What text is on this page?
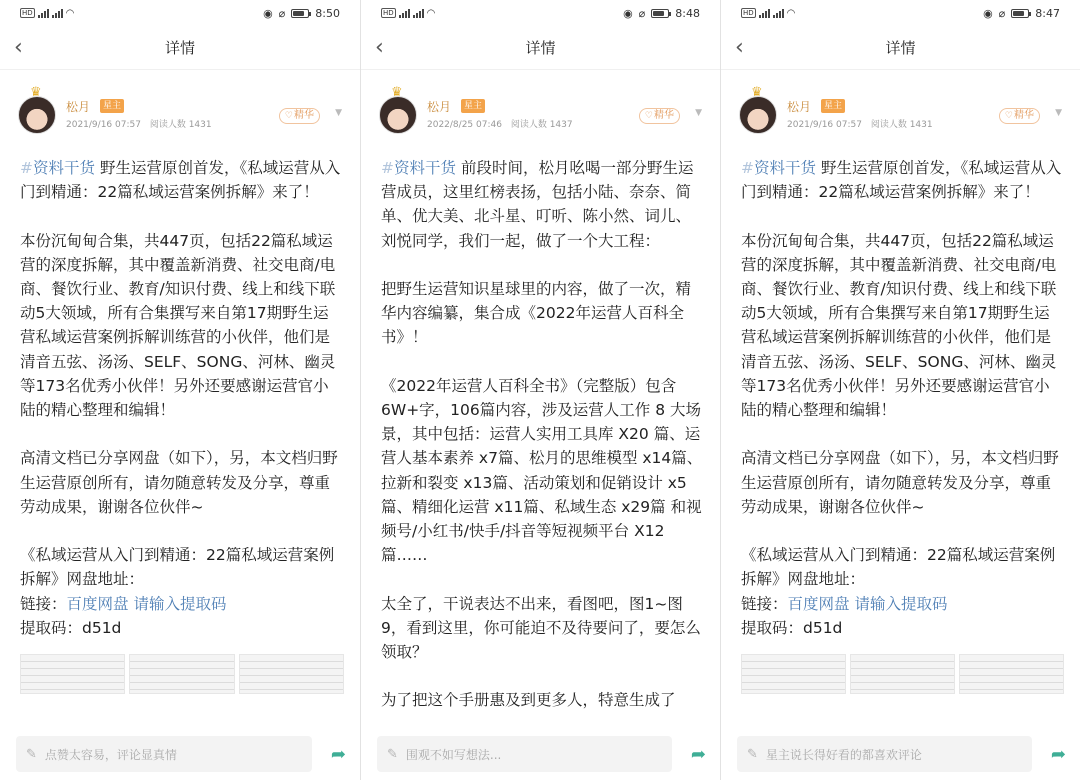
HD	◠	◉ ⌀	8:50
‹	详情
♛
松月	星主
2021/9/16 07:57 阅读人数 1431
♡精华	▼

#资料干货 野生运营原创首发，《私域运营从入门到精通：22篇私域运营案例拆解》来了！

本份沉甸甸合集，共447页，包括22篇私域运营的深度拆解，其中覆盖新消费、社交电商/电商、餐饮行业、教育/知识付费、线上和线下联动5大领域，所有合集撰写来自第17期野生运营私域运营案例拆解训练营的小伙伴，他们是清音五弦、汤汤、SELF、SONG、河林、幽灵等173名优秀小伙伴！另外还要感谢运营官小陆的精心整理和编辑！

高清文档已分享网盘（如下），另，本文档归野生运营原创所有，请勿随意转发及分享，尊重劳动成果，谢谢各位伙伴~

《私域运营从入门到精通：22篇私域运营案例拆解》网盘地址：

链接：百度网盘 请输入提取码
提取码：d51d
✎ 点赞太容易，评论显真情	➦
HD	◠	◉ ⌀	8:48
‹	详情
♛
松月	星主
2022/8/25 07:46 阅读人数 1437
♡精华	▼

#资料干货 前段时间，松月吆喝一部分野生运营成员，这里红榜表扬，包括小陆、奈奈、简单、优大美、北斗星、叮听、陈小然、词儿、刘悦同学，我们一起，做了一个大工程：

把野生运营知识星球里的内容，做了一次，精华内容编纂，集合成《2022年运营人百科全书》！

《2022年运营人百科全书》（完整版）包含 6W+字，106篇内容，涉及运营人工作 8 大场景，其中包括：运营人实用工具库 X20 篇、运营人基本素养 x7篇、松月的思维模型 x14篇、拉新和裂变 x13篇、活动策划和促销设计 x5篇、精细化运营 x11篇、私域生态 x29篇 和视频号/小红书/快手/抖音等短视频平台 X12篇……

太全了，干说表达不出来，看图吧，图1~图9，看到这里，你可能迫不及待要问了，要怎么领取？

为了把这个手册惠及到更多人，特意生成了

✎ 围观不如写想法...	➦
HD	◠	◉ ⌀	8:47
‹	详情
♛
松月	星主
2021/9/16 07:57 阅读人数 1431
♡精华	▼

#资料干货 野生运营原创首发，《私域运营从入门到精通：22篇私域运营案例拆解》来了！

本份沉甸甸合集，共447页，包括22篇私域运营的深度拆解，其中覆盖新消费、社交电商/电商、餐饮行业、教育/知识付费、线上和线下联动5大领域，所有合集撰写来自第17期野生运营私域运营案例拆解训练营的小伙伴，他们是清音五弦、汤汤、SELF、SONG、河林、幽灵等173名优秀小伙伴！另外还要感谢运营官小陆的精心整理和编辑！

高清文档已分享网盘（如下），另，本文档归野生运营原创所有，请勿随意转发及分享，尊重劳动成果，谢谢各位伙伴~

《私域运营从入门到精通：22篇私域运营案例拆解》网盘地址：

链接：百度网盘 请输入提取码
提取码：d51d
✎ 星主说长得好看的都喜欢评论	➦
